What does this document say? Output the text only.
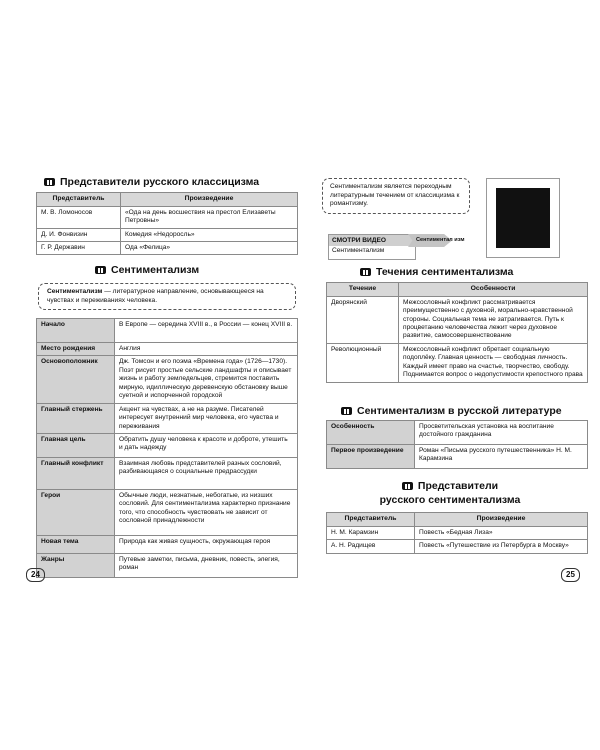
Представители русского классицизма
Представитель	Произведение
М. В. Ломоносов	«Ода на день восшествия на престол Елизаветы Петровны»
Д. И. Фонвизин	Комедия «Недоросль»
Г. Р. Державин	Ода «Фелица»
Сентиментализм
Сентиментализм — литературное направление, основывающееся на чувствах и переживаниях человека.
Начало	В Европе — середина XVIII в., в России — конец XVIII в.
Место рождения	Англия
Основоположник	Дж. Томсон и его поэма «Времена года» (1726—1730). Поэт рисует простые сельские ландшафты и описывает жизнь и работу земледельцев, стремится поставить мирную, идиллическую деревенскую обстановку выше суетной и испорченной городской
Главный стержень	Акцент на чувствах, а не на разуме. Писателей интересует внутренний мир человека, его чувства и переживания
Главная цель	Обратить душу человека к красоте и доброте, утешить и дать надежду
Главный конфликт	Взаимная любовь представителей разных сословий, разбивающаяся о социальные предрассудки
Герои	Обычные люди, незнатные, небогатые, из низших сословий. Для сентиментализма характерно признание того, что способность чувствовать не зависит от сословной принадлежности
Новая тема	Природа как живая сущность, окружающая героя
Жанры	Путевые заметки, письма, дневник, повесть, элегия, роман
24
Сентиментализм является переходным литературным течением от классицизма к романтизму.
СМОТРИ ВИДЕО
Сентиментализм
Сентиментал изм
Течения сентиментализма
Течение	Особенности
Дворянский	Межсословный конфликт рассматривается преимущественно с духовной, морально-нравственной стороны. Социальная тема не затрагивается. Путь к процветанию человечества лежит через духовное развитие, самосовершенствование
Революционный	Межсословный конфликт обретает социальную подоплёку. Главная ценность — свободная личность. Каждый имеет право на счастье, творчество, свободу. Поднимается вопрос о недопустимости крепостного права
Сентиментализм в русской литературе
Особенность	Просветительская установка на воспитание достойного гражданина
Первое произведение	Роман «Письма русского путешественника» Н. М. Карамзина
Представители
русского сентиментализма
Представитель	Произведение
Н. М. Карамзин	Повесть «Бедная Лиза»
А. Н. Радищев	Повесть «Путешествие из Петербурга в Москву»
25
